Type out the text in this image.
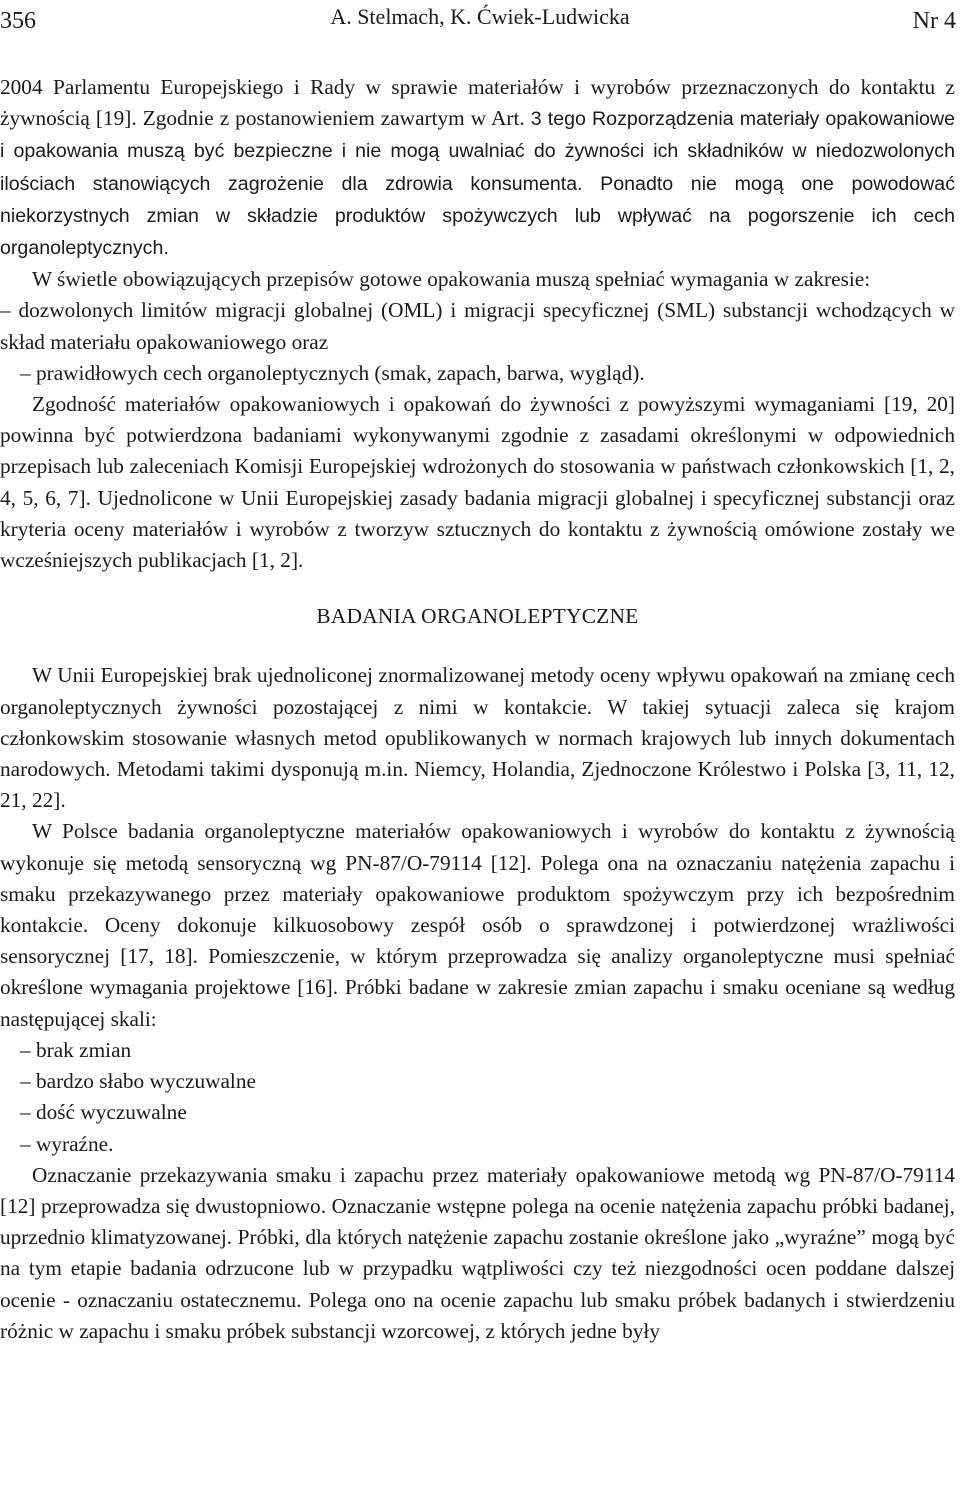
356	A. Stelmach, K. Ćwiek-Ludwicka	Nr 4

2004 Parlamentu Europejskiego i Rady w sprawie materiałów i wyrobów przeznaczonych do kontaktu z żywnością [19]. Zgodnie z postanowieniem zawartym w Art. 3 tego Rozporządzenia materiały opakowaniowe i opakowania muszą być bezpieczne i nie mogą uwalniać do żywności ich składników w niedozwolonych ilościach stanowiących zagrożenie dla zdrowia konsumenta. Ponadto nie mogą one powodować niekorzystnych zmian w składzie produktów spożywczych lub wpływać na pogorszenie ich cech organoleptycznych.

W świetle obowiązujących przepisów gotowe opakowania muszą spełniać wymagania w zakresie:

– dozwolonych limitów migracji globalnej (OML) i migracji specyficznej (SML) substancji wchodzących w skład materiału opakowaniowego oraz

– prawidłowych cech organoleptycznych (smak, zapach, barwa, wygląd).

Zgodność materiałów opakowaniowych i opakowań do żywności z powyższymi wymaganiami [19, 20] powinna być potwierdzona badaniami wykonywanymi zgodnie z zasadami określonymi w odpowiednich przepisach lub zaleceniach Komisji Europejskiej wdrożonych do stosowania w państwach członkowskich [1, 2, 4, 5, 6, 7]. Ujednolicone w Unii Europejskiej zasady badania migracji globalnej i specyficznej substancji oraz kryteria oceny materiałów i wyrobów z tworzyw sztucznych do kontaktu z żywnością omówione zostały we wcześniejszych publikacjach [1, 2].

BADANIA ORGANOLEPTYCZNE

W Unii Europejskiej brak ujednoliconej znormalizowanej metody oceny wpływu opakowań na zmianę cech organoleptycznych żywności pozostającej z nimi w kontakcie. W takiej sytuacji zaleca się krajom członkowskim stosowanie własnych metod opublikowanych w normach krajowych lub innych dokumentach narodowych. Metodami takimi dysponują m.in. Niemcy, Holandia, Zjednoczone Królestwo i Polska [3, 11, 12, 21, 22].

W Polsce badania organoleptyczne materiałów opakowaniowych i wyrobów do kontaktu z żywnością wykonuje się metodą sensoryczną wg PN-87/O-79114 [12]. Polega ona na oznaczaniu natężenia zapachu i smaku przekazywanego przez materiały opakowaniowe produktom spożywczym przy ich bezpośrednim kontakcie. Oceny dokonuje kilkuosobowy zespół osób o sprawdzonej i potwierdzonej wrażliwości sensorycznej [17, 18]. Pomieszczenie, w którym przeprowadza się analizy organoleptyczne musi spełniać określone wymagania projektowe [16]. Próbki badane w zakresie zmian zapachu i smaku oceniane są według następującej skali:

– brak zmian

– bardzo słabo wyczuwalne

– dość wyczuwalne

– wyraźne.

Oznaczanie przekazywania smaku i zapachu przez materiały opakowaniowe metodą wg PN-87/O-79114 [12] przeprowadza się dwustopniowo. Oznaczanie wstępne polega na ocenie natężenia zapachu próbki badanej, uprzednio klimatyzowanej. Próbki, dla których natężenie zapachu zostanie określone jako „wyraźne” mogą być na tym etapie badania odrzucone lub w przypadku wątpliwości czy też niezgodności ocen poddane dalszej ocenie - oznaczaniu ostatecznemu. Polega ono na ocenie zapachu lub smaku próbek badanych i stwierdzeniu różnic w zapachu i smaku próbek substancji wzorcowej, z których jedne były
